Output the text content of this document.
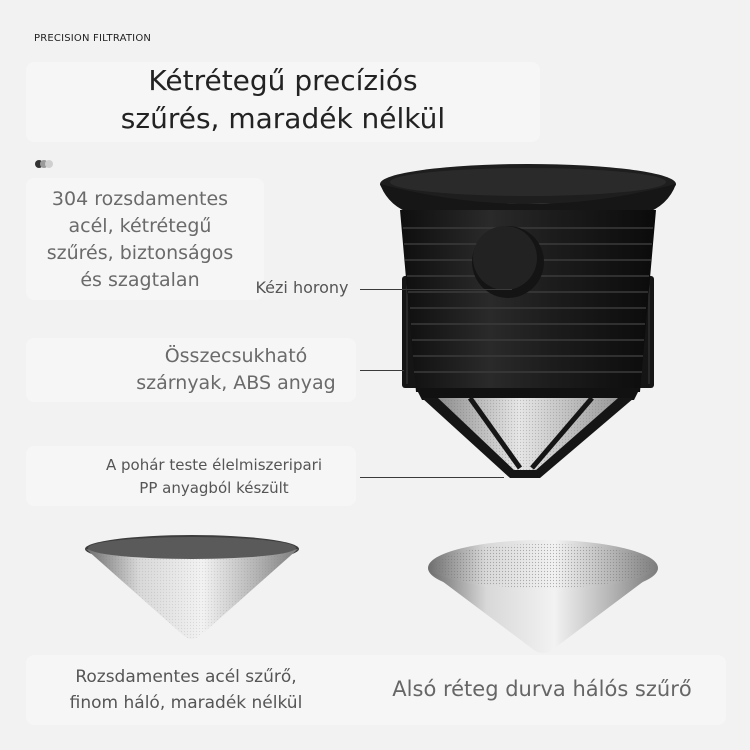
PRECISION FILTRATION
Kétrétegű precíziós
szűrés, maradék nélkül
304 rozsdamentes
acél, kétrétegű
szűrés, biztonságos
és szagtalan	Kézi horony
Összecsukható
szárnyak, ABS anyag
A pohár teste élelmiszeripari
PP anyagból készült
Rozsdamentes acél szűrő,
finom háló, maradék nélkül
Alsó réteg durva hálós szűrő
